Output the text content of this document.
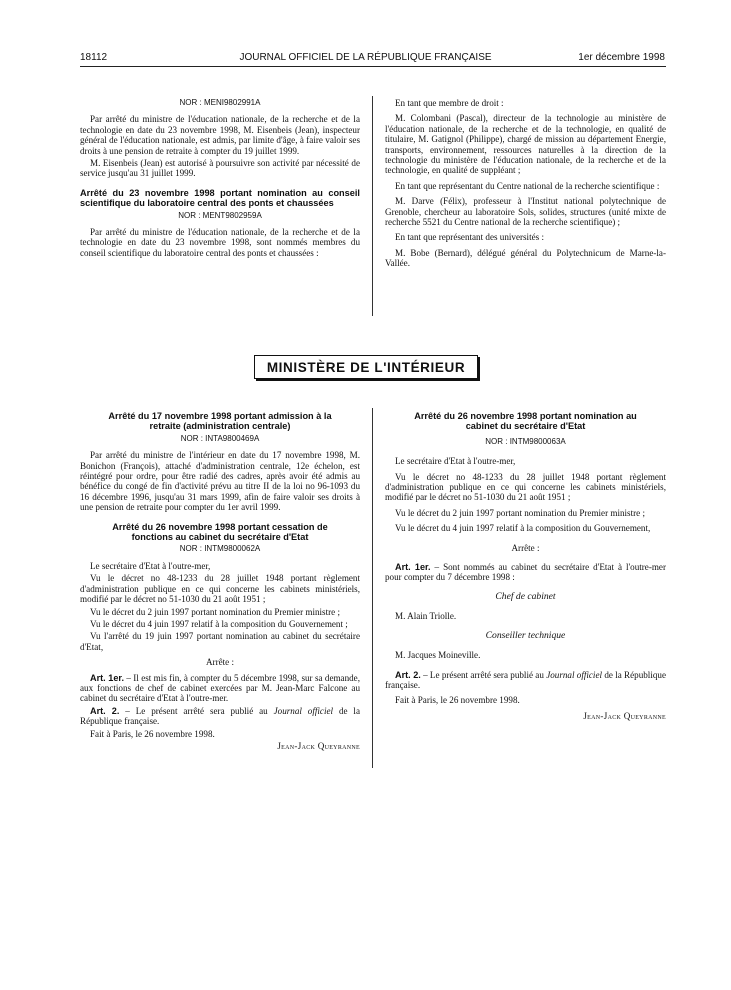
18112	JOURNAL OFFICIEL DE LA RÉPUBLIQUE FRANÇAISE	1er décembre 1998
NOR : MENI9802991A

Par arrêté du ministre de l'éducation nationale, de la recherche et de la technologie en date du 23 novembre 1998, M. Eisenbeis (Jean), inspecteur général de l'éducation nationale, est admis, par limite d'âge, à faire valoir ses droits à une pension de retraite à compter du 19 juillet 1999.

M. Eisenbeis (Jean) est autorisé à poursuivre son activité par nécessité de service jusqu'au 31 juillet 1999.

Arrêté du 23 novembre 1998 portant nomination au conseil scientifique du laboratoire central des ponts et chaussées
NOR : MENT9802959A

Par arrêté du ministre de l'éducation nationale, de la recherche et de la technologie en date du 23 novembre 1998, sont nommés membres du conseil scientifique du laboratoire central des ponts et chaussées :

En tant que membre de droit :

M. Colombani (Pascal), directeur de la technologie au ministère de l'éducation nationale, de la recherche et de la technologie, en qualité de titulaire, M. Gatignol (Philippe), chargé de mission au département Energie, transports, environnement, ressources naturelles à la direction de la technologie du ministère de l'éducation nationale, de la recherche et de la technologie, en qualité de suppléant ;

En tant que représentant du Centre national de la recherche scientifique :

M. Darve (Félix), professeur à l'Institut national polytechnique de Grenoble, chercheur au laboratoire Sols, solides, structures (unité mixte de recherche 5521 du Centre national de la recherche scientifique) ;

En tant que représentant des universités :

M. Bobe (Bernard), délégué général du Polytechnicum de Marne-la-Vallée.

MINISTÈRE DE L'INTÉRIEUR
Arrêté du 17 novembre 1998 portant admission à la retraite (administration centrale)
NOR : INTA9800469A

Par arrêté du ministre de l'intérieur en date du 17 novembre 1998, M. Bonichon (François), attaché d'administration centrale, 12e échelon, est réintégré pour ordre, pour être radié des cadres, après avoir été admis au bénéfice du congé de fin d'activité prévu au titre II de la loi no 96-1093 du 16 décembre 1996, jusqu'au 31 mars 1999, afin de faire valoir ses droits à une pension de retraite pour compter du 1er avril 1999.

Arrêté du 26 novembre 1998 portant cessation de fonctions au cabinet du secrétaire d'Etat
NOR : INTM9800062A

Le secrétaire d'Etat à l'outre-mer,

Vu le décret no 48-1233 du 28 juillet 1948 portant règlement d'administration publique en ce qui concerne les cabinets ministériels, modifié par le décret no 51-1030 du 21 août 1951 ;

Vu le décret du 2 juin 1997 portant nomination du Premier ministre ;

Vu le décret du 4 juin 1997 relatif à la composition du Gouvernement ;

Vu l'arrêté du 19 juin 1997 portant nomination au cabinet du secrétaire d'Etat,

Arrête :

Art. 1er. – Il est mis fin, à compter du 5 décembre 1998, sur sa demande, aux fonctions de chef de cabinet exercées par M. Jean-Marc Falcone au cabinet du secrétaire d'Etat à l'outre-mer.

Art. 2. – Le présent arrêté sera publié au Journal officiel de la République française.

Fait à Paris, le 26 novembre 1998.

Jean-Jack Queyranne

Arrêté du 26 novembre 1998 portant nomination au cabinet du secrétaire d'Etat
NOR : INTM9800063A

Le secrétaire d'Etat à l'outre-mer,

Vu le décret no 48-1233 du 28 juillet 1948 portant règlement d'administration publique en ce qui concerne les cabinets ministériels, modifié par le décret no 51-1030 du 21 août 1951 ;

Vu le décret du 2 juin 1997 portant nomination du Premier ministre ;

Vu le décret du 4 juin 1997 relatif à la composition du Gouvernement,

Arrête :

Art. 1er. – Sont nommés au cabinet du secrétaire d'Etat à l'outre-mer pour compter du 7 décembre 1998 :

Chef de cabinet

M. Alain Triolle.

Conseiller technique

M. Jacques Moineville.

Art. 2. – Le présent arrêté sera publié au Journal officiel de la République française.

Fait à Paris, le 26 novembre 1998.

Jean-Jack Queyranne
